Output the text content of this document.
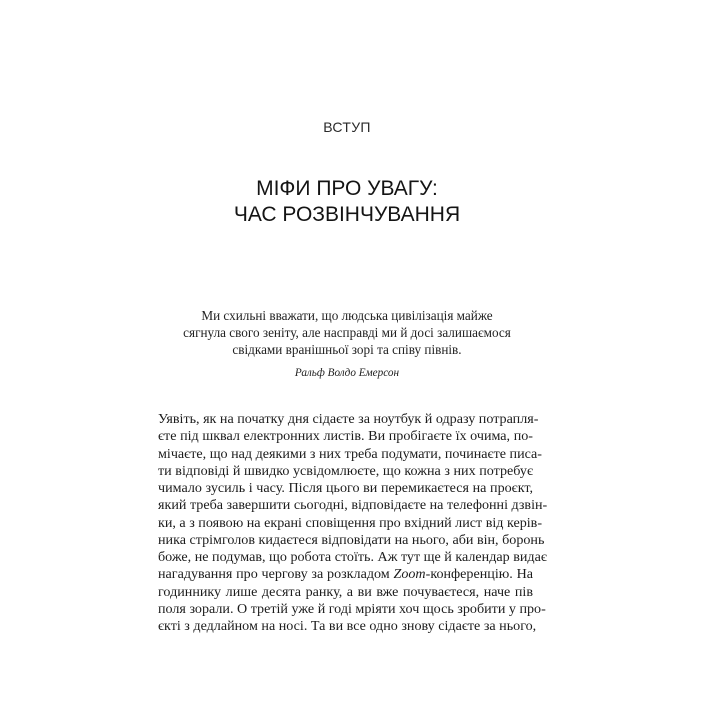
ВСТУП
МІФИ ПРО УВАГУ:
ЧАС РОЗВІНЧУВАННЯ
Ми схильні вважати, що людська цивілізація майже
сягнула свого зеніту, але насправді ми й досі залишаємося
свідками вранішньої зорі та співу півнів.
Ральф Волдо Емерсон
Уявіть, як на початку дня сідаєте за ноутбук й одразу потрапля-
єте під шквал електронних листів. Ви пробігаєте їх очима, по-
мічаєте, що над деякими з них треба подумати, починаєте писа-
ти відповіді й швидко усвідомлюєте, що кожна з них потребує
чимало зусиль і часу. Після цього ви перемикаєтеся на проєкт,
який треба завершити сьогодні, відповідаєте на телефонні дзвін-
ки, а з появою на екрані сповіщення про вхідний лист від керів-
ника стрімголов кидаєтеся відповідати на нього, аби він, боронь
боже, не подумав, що робота стоїть. Аж тут ще й календар видає
нагадування про чергову за розкладом Zoom-конференцію. На
годиннику лише десята ранку, а ви вже почуваєтеся, наче пів
поля зорали. О третій уже й годі мріяти хоч щось зробити у про-
єкті з дедлайном на носі. Та ви все одно знову сідаєте за нього,
